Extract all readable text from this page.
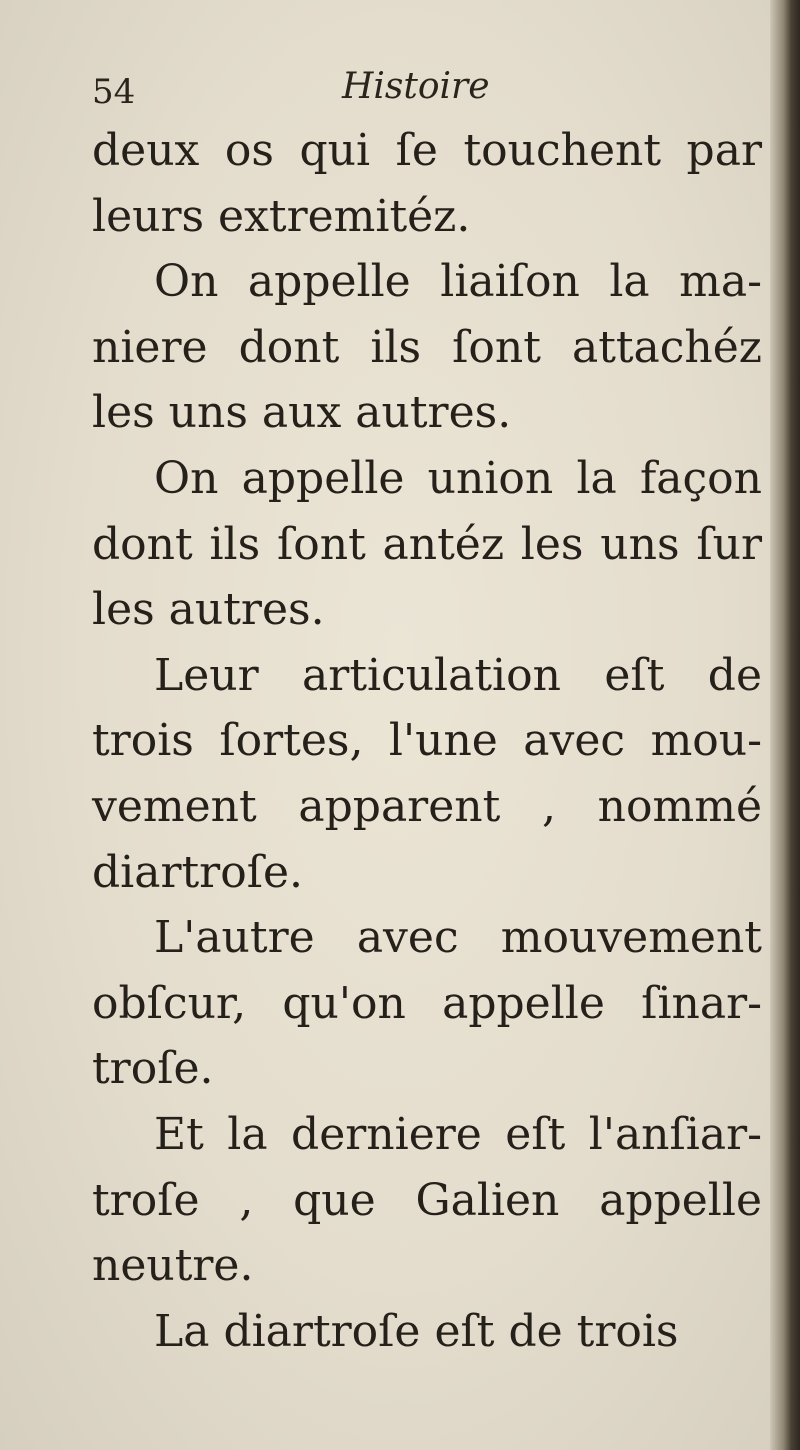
54	Histoire
deux os qui ſe touchent par
leurs extremitéz.
On appelle liaiſon la ma-
niere dont ils ſont attachéz
les uns aux autres.
On appelle union la façon
dont ils ſont antéz les uns ſur
les autres.
Leur articulation eſt de
trois ſortes, l'une avec mou-
vement apparent , nommé
diartroſe.
L'autre avec mouvement
obſcur, qu'on appelle ſinar-
troſe.
Et la derniere eſt l'anſiar-
troſe , que Galien appelle
neutre.
La diartroſe eſt de trois
